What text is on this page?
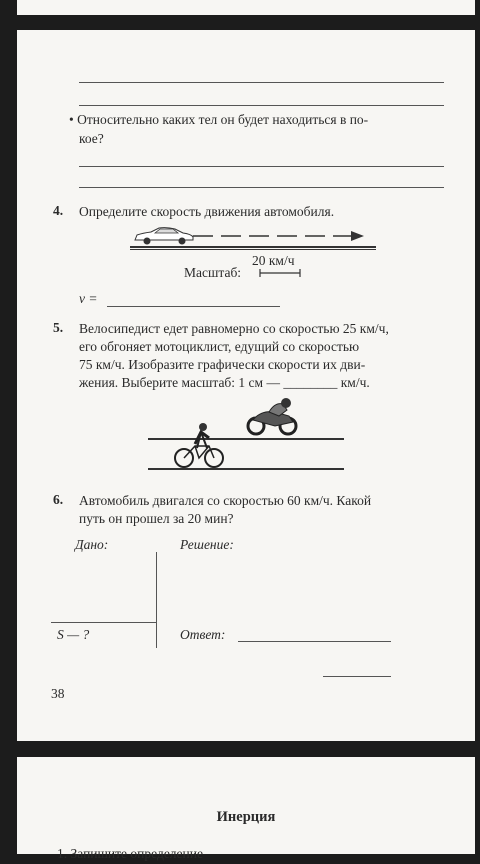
• Относительно каких тел он будет находиться в по-
кое?
4. Определите скорость движения автомобиля.
20 км/ч
Масштаб:
v =
5. Велосипедист едет равномерно со скоростью 25 км/ч,
его обгоняет мотоциклист, едущий со скоростью
75 км/ч. Изобразите графически скорости их дви-
жения. Выберите масштаб: 1 см — ________ км/ч.
6. Автомобиль двигался со скоростью 60 км/ч. Какой
путь он прошел за 20 мин?
Дано:	Решение:
S — ?	Ответ:
38
Инерция
1. Запишите определение
